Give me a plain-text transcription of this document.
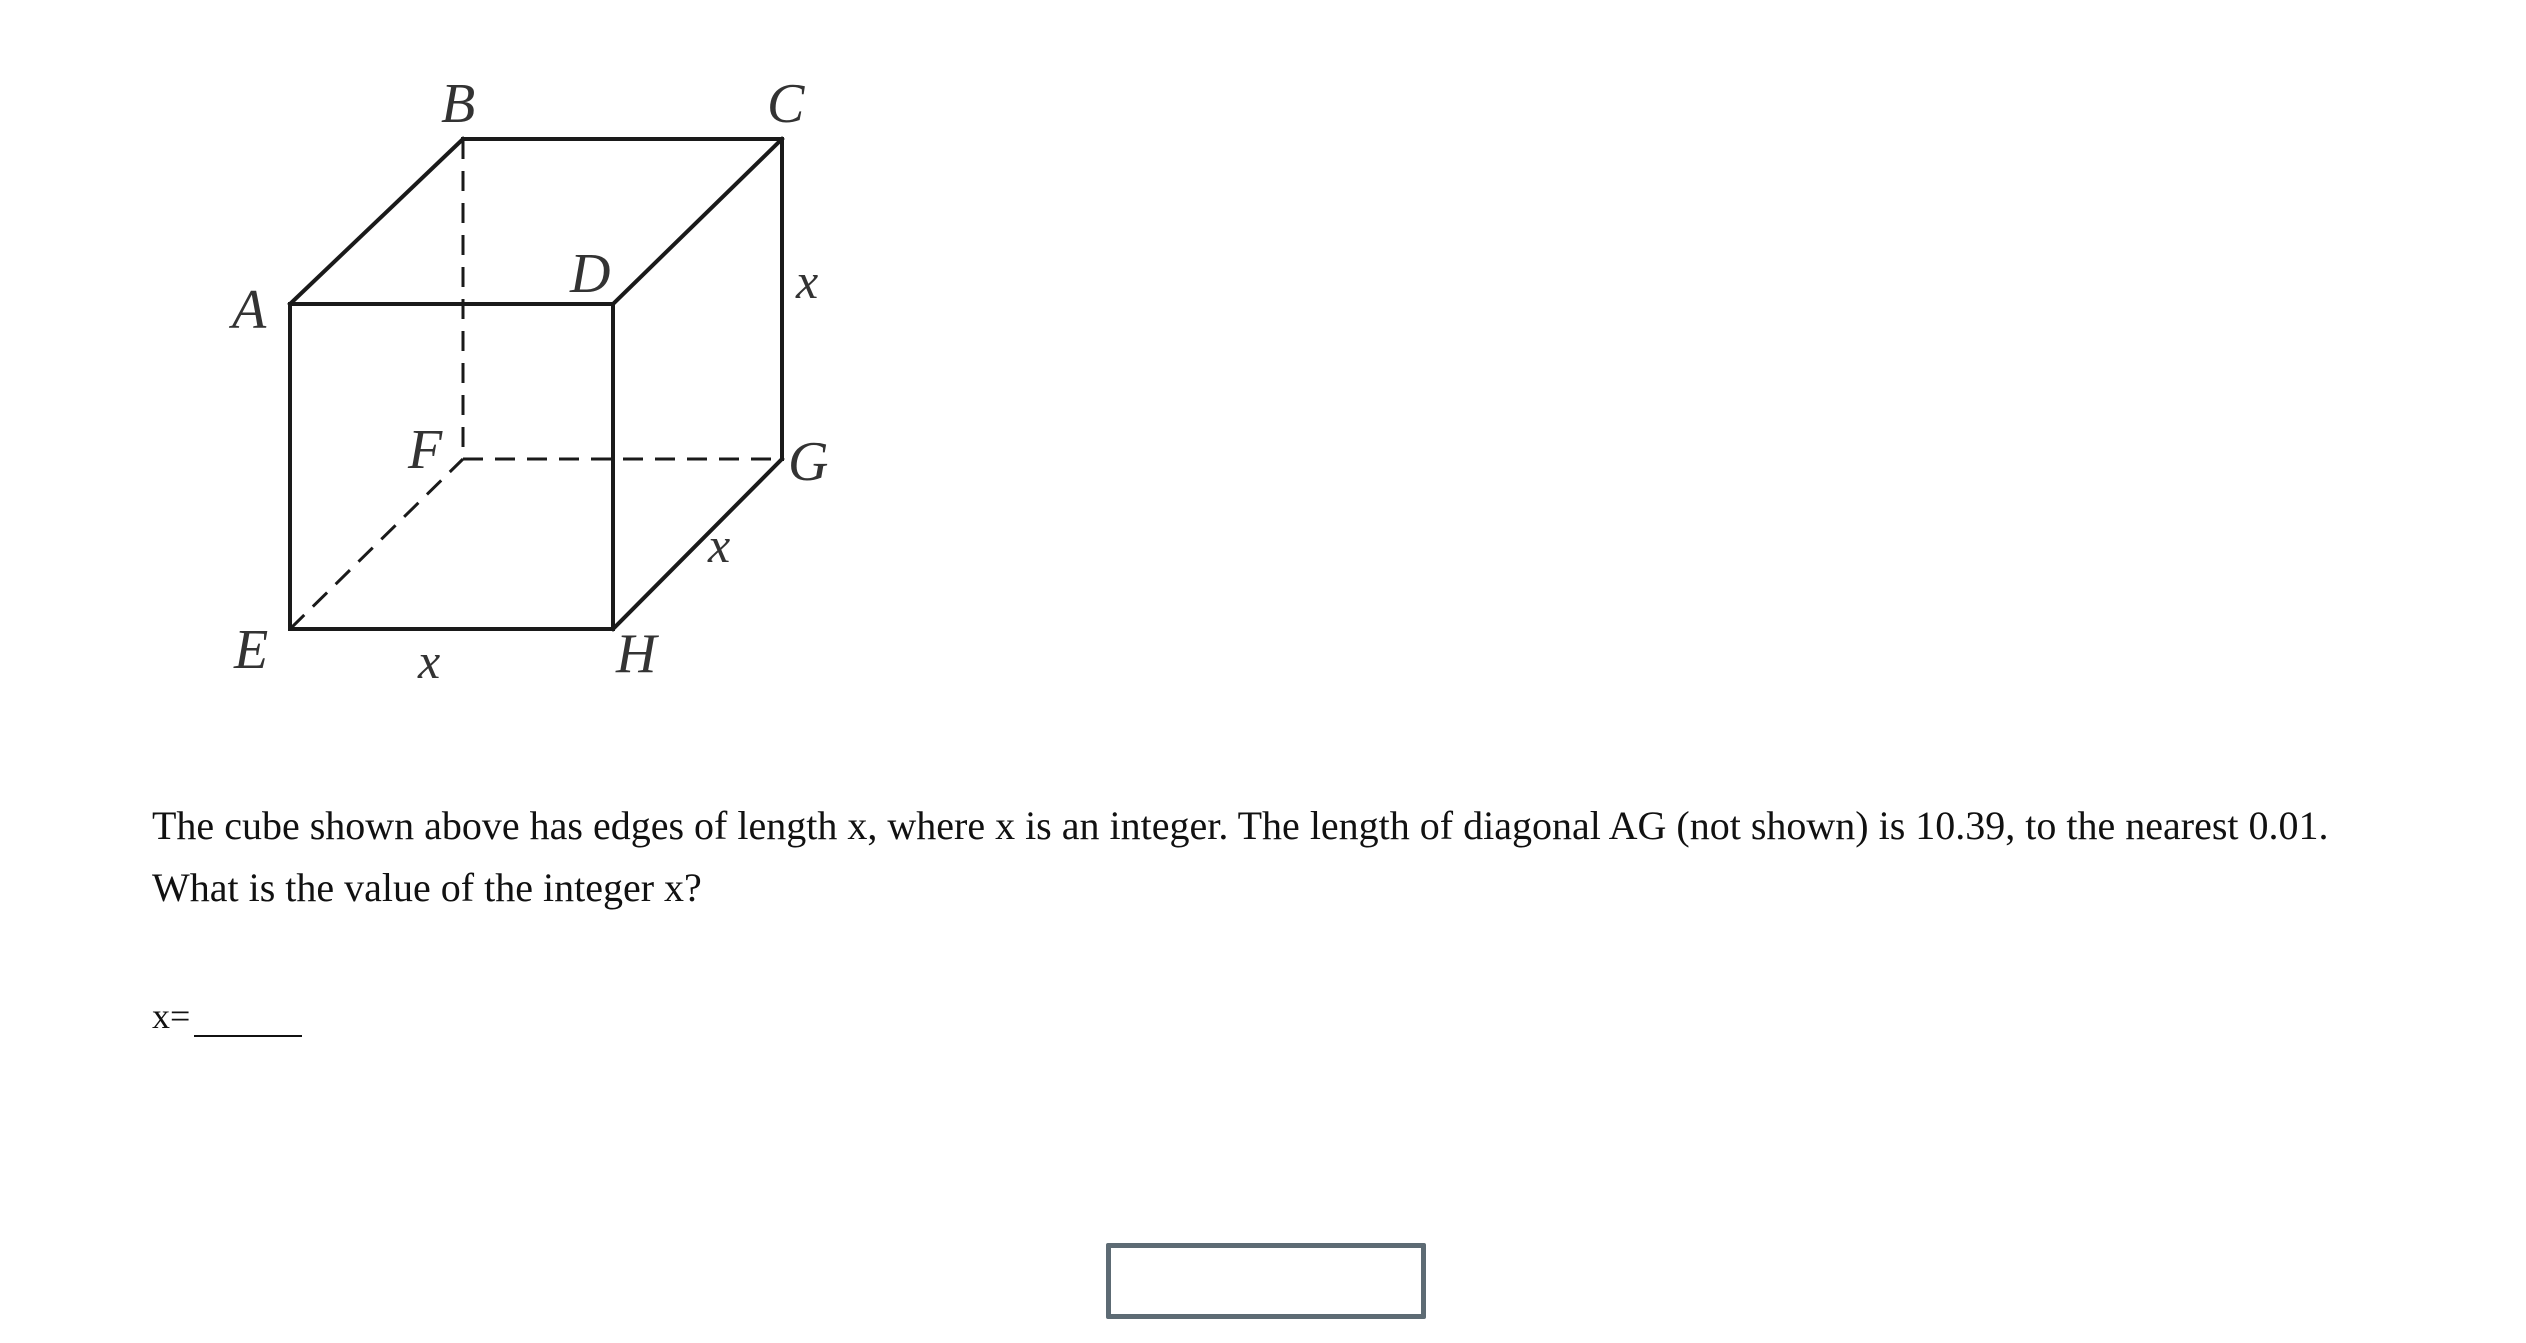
A
B	C
D
E
F	G
H
x
x
x

The cube shown above has edges of length x, where x is an integer. The length of diagonal AG (not shown) is 10.39, to the nearest 0.01. What is the value of the integer x?

x=
